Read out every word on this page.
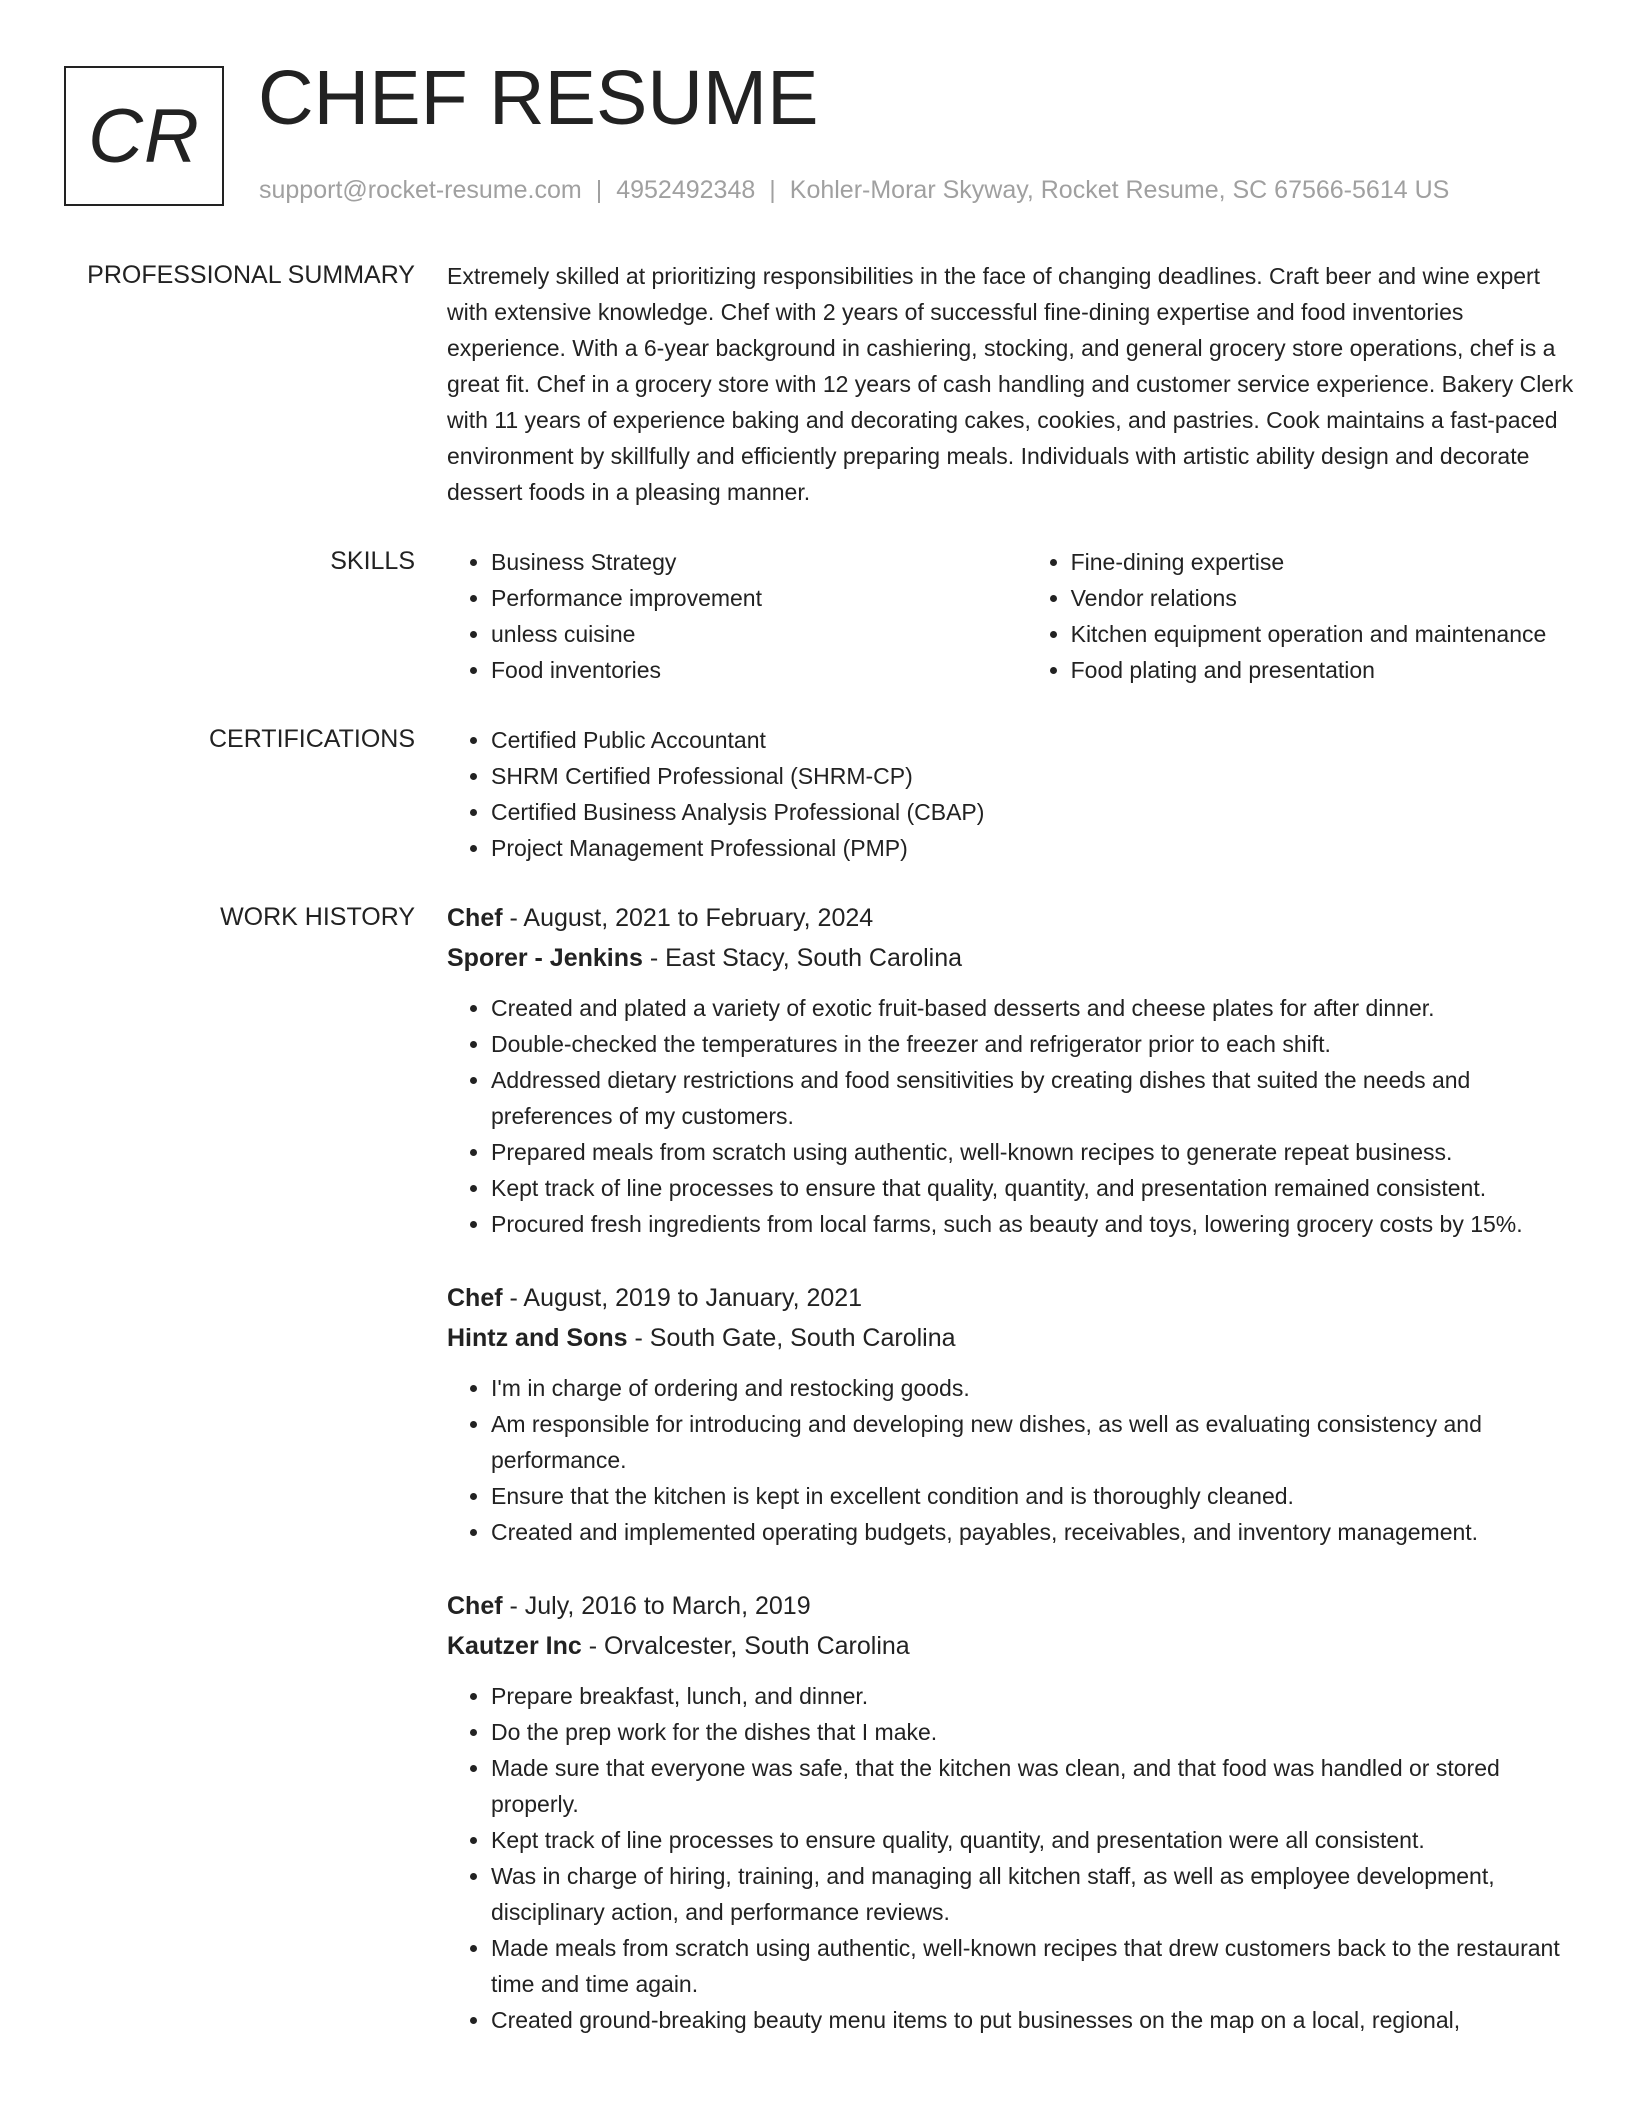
CR CHEF RESUME
support@rocket-resume.com | 4952492348 | Kohler-Morar Skyway, Rocket Resume, SC 67566-5614 US
PROFESSIONAL SUMMARY Extremely skilled at prioritizing responsibilities in the face of changing deadlines. Craft beer and wine expert with extensive knowledge. Chef with 2 years of successful fine-dining expertise and food inventories experience. With a 6-year background in cashiering, stocking, and general grocery store operations, chef is a great fit. Chef in a grocery store with 12 years of cash handling and customer service experience. Bakery Clerk with 11 years of experience baking and decorating cakes, cookies, and pastries. Cook maintains a fast-paced environment by skillfully and efficiently preparing meals. Individuals with artistic ability design and decorate dessert foods in a pleasing manner.

SKILLS	• Business Strategy
• Performance improvement
• unless cuisine
• Food inventories
• Fine-dining expertise
• Vendor relations
• Kitchen equipment operation and maintenance
• Food plating and presentation
CERTIFICATIONS	• Certified Public Accountant
• SHRM Certified Professional (SHRM-CP)
• Certified Business Analysis Professional (CBAP)
• Project Management Professional (PMP)
WORK HISTORY Chef - August, 2021 to February, 2024

Sporer - Jenkins - East Stacy, South Carolina

• Created and plated a variety of exotic fruit-based desserts and cheese plates for after dinner.
• Double-checked the temperatures in the freezer and refrigerator prior to each shift.
• Addressed dietary restrictions and food sensitivities by creating dishes that suited the needs and preferences of my customers.
• Prepared meals from scratch using authentic, well-known recipes to generate repeat business.
• Kept track of line processes to ensure that quality, quantity, and presentation remained consistent.
• Procured fresh ingredients from local farms, such as beauty and toys, lowering grocery costs by 15%.

Chef - August, 2019 to January, 2021

Hintz and Sons - South Gate, South Carolina

• I'm in charge of ordering and restocking goods.
• Am responsible for introducing and developing new dishes, as well as evaluating consistency and performance.
• Ensure that the kitchen is kept in excellent condition and is thoroughly cleaned.
• Created and implemented operating budgets, payables, receivables, and inventory management.

Chef - July, 2016 to March, 2019

Kautzer Inc - Orvalcester, South Carolina

• Prepare breakfast, lunch, and dinner.
• Do the prep work for the dishes that I make.
• Made sure that everyone was safe, that the kitchen was clean, and that food was handled or stored properly.
• Kept track of line processes to ensure quality, quantity, and presentation were all consistent.
• Was in charge of hiring, training, and managing all kitchen staff, as well as employee development, disciplinary action, and performance reviews.
• Made meals from scratch using authentic, well-known recipes that drew customers back to the restaurant time and time again.
• Created ground-breaking beauty menu items to put businesses on the map on a local, regional,
